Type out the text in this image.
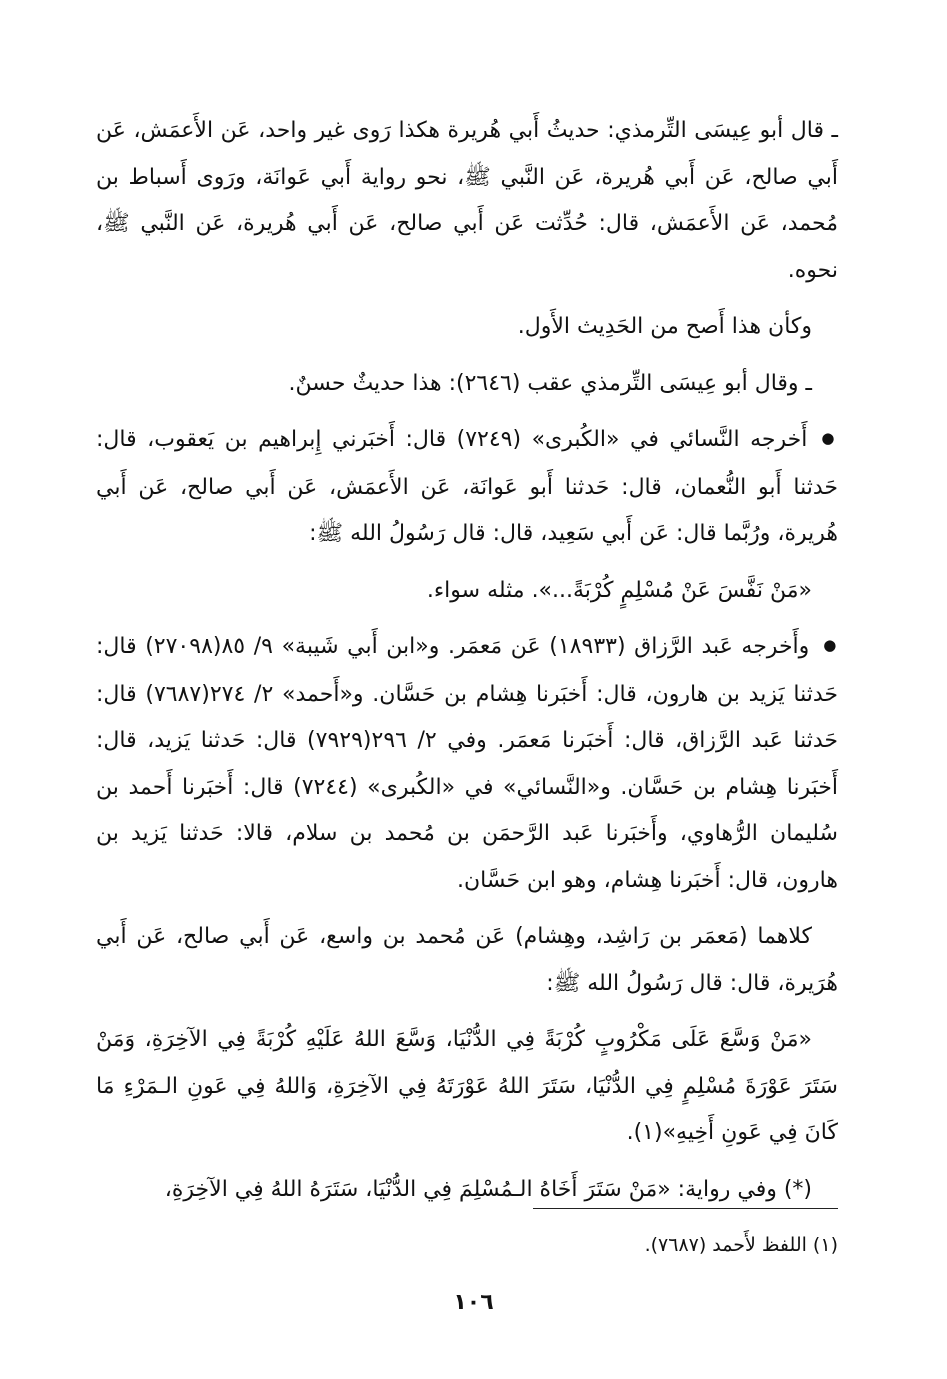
ـ قال أبو عِيسَى التِّرمذي: حديثُ أَبي هُريرة هكذا رَوى غير واحد، عَن الأَعمَش، عَن أَبي صالح، عَن أَبي هُريرة، عَن النَّبي ﷺ، نحو رواية أَبي عَوانَة، ورَوى أَسباط بن مُحمد، عَن الأَعمَش، قال: حُدِّثت عَن أَبي صالح، عَن أَبي هُريرة، عَن النَّبي ﷺ، نحوه.

وكأن هذا أَصح من الحَدِيث الأَول.

ـ وقال أبو عِيسَى التِّرمذي عقب (٢٦٤٦): هذا حديثٌ حسنٌ.

● أَخرجه النَّسائي في «الكُبرى» (٧٢٤٩) قال: أَخبَرني إِبراهيم بن يَعقوب، قال: حَدثنا أَبو النُّعمان، قال: حَدثنا أَبو عَوانَة، عَن الأَعمَش، عَن أَبي صالح، عَن أَبي هُريرة، ورُبَّما قال: عَن أَبي سَعِيد، قال: قال رَسُولُ الله ﷺ:

«مَنْ نَفَّسَ عَنْ مُسْلِمٍ كُرْبَةً...». مثله سواء.

● وأَخرجه عَبد الرَّزاق (١٨٩٣٣) عَن مَعمَر. و«ابن أَبي شَيبة» ٩/ ٨٥(٢٧٠٩٨) قال: حَدثنا يَزيد بن هارون، قال: أَخبَرنا هِشام بن حَسَّان. و«أَحمد» ٢/ ٢٧٤(٧٦٨٧) قال: حَدثنا عَبد الرَّزاق، قال: أَخبَرنا مَعمَر. وفي ٢/ ٢٩٦(٧٩٢٩) قال: حَدثنا يَزيد، قال: أَخبَرنا هِشام بن حَسَّان. و«النَّسائي» في «الكُبرى» (٧٢٤٤) قال: أَخبَرنا أَحمد بن سُليمان الرُّهاوي، وأَخبَرنا عَبد الرَّحمَن بن مُحمد بن سلام، قالا: حَدثنا يَزيد بن هارون، قال: أَخبَرنا هِشام، وهو ابن حَسَّان.

كلاهما (مَعمَر بن رَاشِد، وهِشام) عَن مُحمد بن واسع، عَن أَبي صالح، عَن أَبي هُرَيرة، قال: قال رَسُولُ الله ﷺ:

«مَنْ وَسَّعَ عَلَى مَكْرُوبٍ كُرْبَةً فِي الدُّنْيَا، وَسَّعَ اللهُ عَلَيْهِ كُرْبَةً فِي الآخِرَةِ، وَمَنْ سَتَرَ عَوْرَةَ مُسْلِمٍ فِي الدُّنْيَا، سَتَرَ اللهُ عَوْرَتَهُ فِي الآخِرَةِ، وَاللهُ فِي عَونِ الـمَرْءِ مَا كَانَ فِي عَونِ أَخِيهِ»(١).

(*) وفي رواية: «مَنْ سَتَرَ أَخَاهُ الـمُسْلِمَ فِي الدُّنْيَا، سَتَرَهُ اللهُ فِي الآخِرَةِ،

(١) اللفظ لأَحمد (٧٦٨٧).
١٠٦
